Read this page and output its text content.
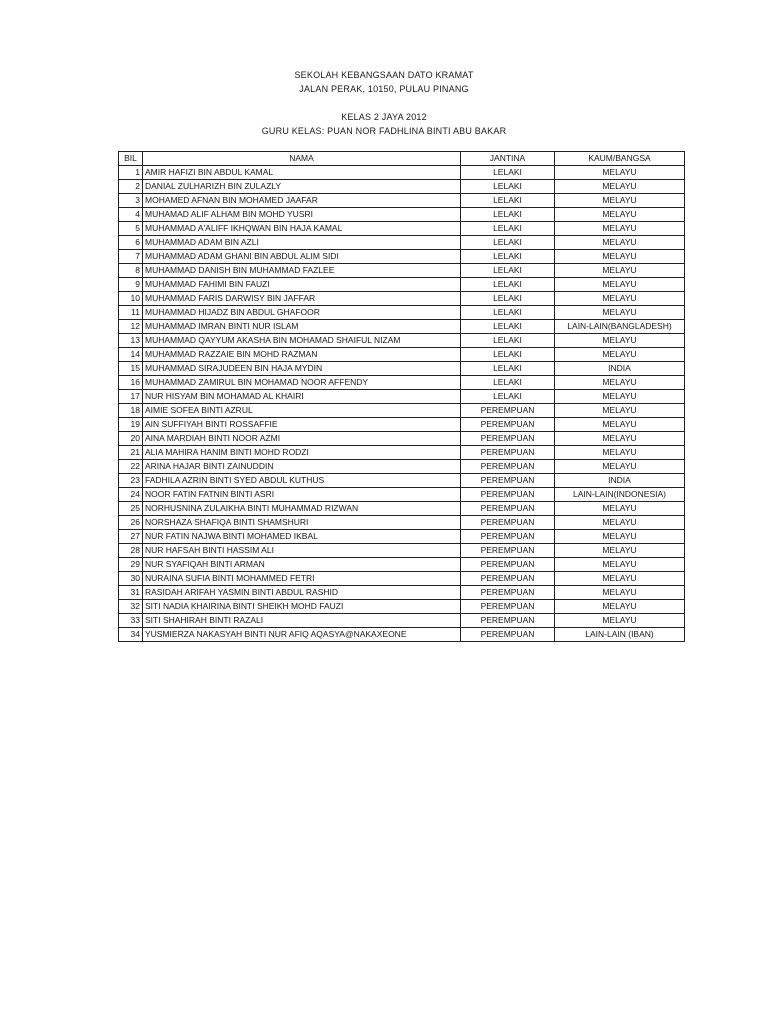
SEKOLAH KEBANGSAAN DATO KRAMAT
JALAN PERAK, 10150, PULAU PINANG
KELAS 2 JAYA 2012
GURU KELAS: PUAN NOR FADHLINA BINTI ABU BAKAR
BIL	NAMA	JANTINA	KAUM/BANGSA
1	AMIR HAFIZI BIN ABDUL KAMAL	LELAKI	MELAYU
2	DANIAL ZULHARIZH BIN ZULAZLY	LELAKI	MELAYU
3	MOHAMED AFNAN BIN MOHAMED JAAFAR	LELAKI	MELAYU
4	MUHAMAD ALIF ALHAM BIN MOHD YUSRI	LELAKI	MELAYU
5	MUHAMMAD A'ALIFF IKHQWAN BIN HAJA KAMAL	LELAKI	MELAYU
6	MUHAMMAD ADAM BIN AZLI	LELAKI	MELAYU
7	MUHAMMAD ADAM GHANI BIN ABDUL ALIM SIDI	LELAKI	MELAYU
8	MUHAMMAD DANISH BIN MUHAMMAD FAZLEE	LELAKI	MELAYU
9	MUHAMMAD FAHIMI BIN FAUZI	LELAKI	MELAYU
10	MUHAMMAD FARIS DARWISY BIN JAFFAR	LELAKI	MELAYU
11	MUHAMMAD HIJADZ BIN ABDUL GHAFOOR	LELAKI	MELAYU
12	MUHAMMAD IMRAN BINTI NUR ISLAM	LELAKI	LAIN-LAIN(BANGLADESH)
13	MUHAMMAD QAYYUM AKASHA BIN MOHAMAD SHAIFUL NIZAM	LELAKI	MELAYU
14	MUHAMMAD RAZZAIE BIN MOHD RAZMAN	LELAKI	MELAYU
15	MUHAMMAD SIRAJUDEEN BIN HAJA MYDIN	LELAKI	INDIA
16	MUHAMMAD ZAMIRUL BIN MOHAMAD NOOR AFFENDY	LELAKI	MELAYU
17	NUR HISYAM BIN MOHAMAD AL KHAIRI	LELAKI	MELAYU
18	AIMIE SOFEA BINTI AZRUL	PEREMPUAN	MELAYU
19	AIN SUFFIYAH BINTI ROSSAFFIE	PEREMPUAN	MELAYU
20	AINA MARDIAH BINTI NOOR AZMI	PEREMPUAN	MELAYU
21	ALIA MAHIRA HANIM BINTI MOHD RODZI	PEREMPUAN	MELAYU
22	ARINA HAJAR BINTI ZAINUDDIN	PEREMPUAN	MELAYU
23	FADHILA AZRIN BINTI SYED ABDUL KUTHUS	PEREMPUAN	INDIA
24	NOOR FATIN FATNIN BINTI ASRI	PEREMPUAN	LAIN-LAIN(INDONESIA)
25	NORHUSNINA ZULAIKHA BINTI MUHAMMAD RIZWAN	PEREMPUAN	MELAYU
26	NORSHAZA SHAFIQA BINTI SHAMSHURI	PEREMPUAN	MELAYU
27	NUR FATIN NAJWA BINTI MOHAMED IKBAL	PEREMPUAN	MELAYU
28	NUR HAFSAH BINTI HASSIM ALI	PEREMPUAN	MELAYU
29	NUR SYAFIQAH BINTI ARMAN	PEREMPUAN	MELAYU
30	NURAINA SUFIA BINTI MOHAMMED FETRI	PEREMPUAN	MELAYU
31	RASIDAH ARIFAH YASMIN BINTI ABDUL RASHID	PEREMPUAN	MELAYU
32	SITI NADIA KHAIRINA BINTI SHEIKH MOHD FAUZI	PEREMPUAN	MELAYU
33	SITI SHAHIRAH BINTI RAZALI	PEREMPUAN	MELAYU
34	YUSMIERZA NAKASYAH BINTI NUR AFIQ AQASYA@NAKAXEONE	PEREMPUAN	LAIN-LAIN (IBAN)
